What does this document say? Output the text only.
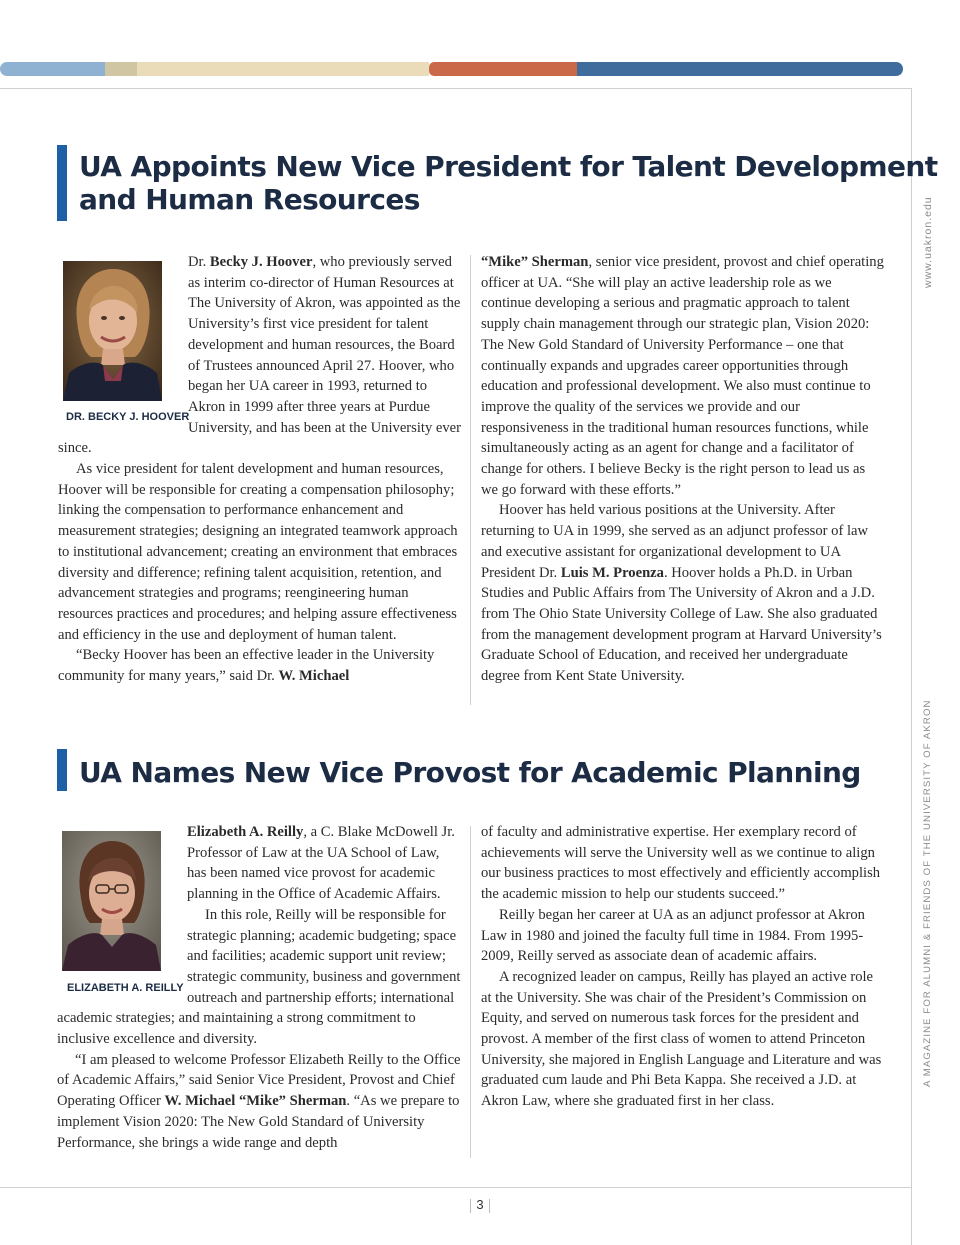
www.uakron.edu
A MAGAZINE FOR ALUMNI & FRIENDS OF THE UNIVERSITY OF AKRON
UA Appoints New Vice President for Talent Development
and Human Resources
DR. BECKY J. HOOVER

Dr. Becky J. Hoover, who previously served as interim co-director of Human Resources at The University of Akron, was appointed as the University’s first vice president for talent development and human resources, the Board of Trustees announced April 27. Hoover, who began her UA career in 1993, returned to Akron in 1999 after three years at Purdue University, and has been at the University ever since.

As vice president for talent development and human resources, Hoover will be responsible for creating a compensation philosophy; linking the compensation to performance enhancement and measurement strategies; designing an integrated teamwork approach to institutional advancement; creating an environment that embraces diversity and difference; refining talent acquisition, retention, and advancement strategies and programs; reengineering human resources practices and procedures; and helping assure effectiveness and efficiency in the use and deployment of human talent.

“Becky Hoover has been an effective leader in the University community for many years,” said Dr. W. Michael

“Mike” Sherman, senior vice president, provost and chief operating officer at UA. “She will play an active leadership role as we continue developing a serious and pragmatic approach to talent supply chain management through our strategic plan, Vision 2020: The New Gold Standard of University Performance – one that continually expands and upgrades career opportunities through education and professional development. We also must continue to improve the quality of the services we provide and our responsiveness in the traditional human resources functions, while simultaneously acting as an agent for change and a facilitator of change for others. I believe Becky is the right person to lead us as we go forward with these efforts.”

Hoover has held various positions at the University. After returning to UA in 1999, she served as an adjunct professor of law and executive assistant for organizational development to UA President Dr. Luis M. Proenza. Hoover holds a Ph.D. in Urban Studies and Public Affairs from The University of Akron and a J.D. from The Ohio State University College of Law. She also graduated from the management development program at Harvard University’s Graduate School of Education, and received her undergraduate degree from Kent State University.

UA Names New Vice Provost for Academic Planning
ELIZABETH A. REILLY

Elizabeth A. Reilly, a C. Blake McDowell Jr. Professor of Law at the UA School of Law, has been named vice provost for academic planning in the Office of Academic Affairs.

In this role, Reilly will be responsible for strategic planning; academic budgeting; space and facilities; academic support unit review; strategic community, business and government outreach and partnership efforts; international academic strategies; and maintaining a strong commitment to inclusive excellence and diversity.

“I am pleased to welcome Professor Elizabeth Reilly to the Office of Academic Affairs,” said Senior Vice President, Provost and Chief Operating Officer W. Michael “Mike” Sherman. “As we prepare to implement Vision 2020: The New Gold Standard of University Performance, she brings a wide range and depth

of faculty and administrative expertise. Her exemplary record of achievements will serve the University well as we continue to align our business practices to most effectively and efficiently accomplish the academic mission to help our students succeed.”

Reilly began her career at UA as an adjunct professor at Akron Law in 1980 and joined the faculty full time in 1984. From 1995-2009, Reilly served as associate dean of academic affairs.

A recognized leader on campus, Reilly has played an active role at the University. She was chair of the President’s Commission on Equity, and served on numerous task forces for the president and provost. A member of the first class of women to attend Princeton University, she majored in English Language and Literature and was graduated cum laude and Phi Beta Kappa. She received a J.D. at Akron Law, where she graduated first in her class.

3
